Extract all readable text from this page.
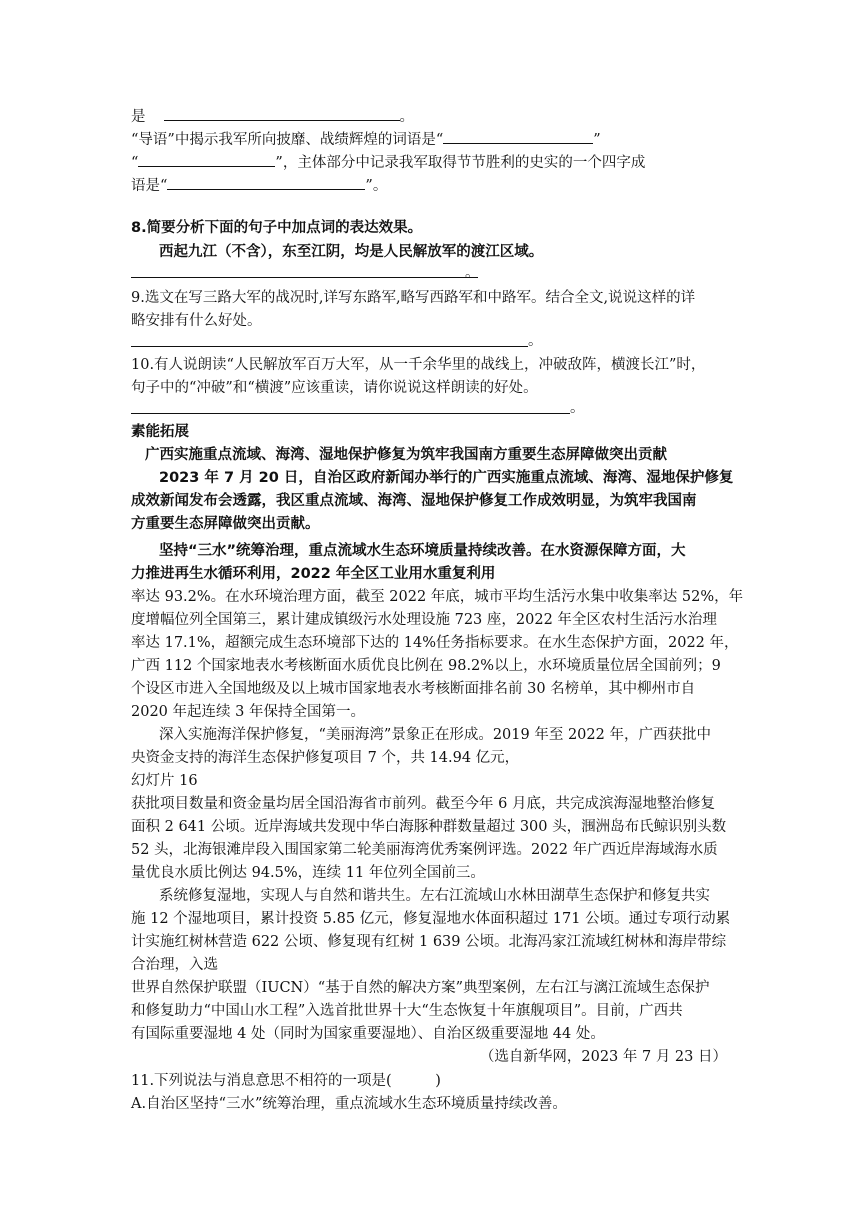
是	。
“导语”中揭示我军所向披靡、战绩辉煌的词语是“	”
“	”，主体部分中记录我军取得节节胜利的史实的一个四字成
语是“	”。
8.简要分析下面的句子中加点词的表达效果。
西起九江（不含），东至江阴，均是人民解放军的渡江区域。
。
9.选文在写三路大军的战况时,详写东路军,略写西路军和中路军。结合全文,说说这样的详
略安排有什么好处。
。
10.有人说朗读“人民解放军百万大军，从一千余华里的战线上，冲破敌阵，横渡长江”时，
句子中的“冲破”和“横渡”应该重读，请你说说这样朗读的好处。
。
素能拓展
广西实施重点流域、海湾、湿地保护修复为筑牢我国南方重要生态屏障做突出贡献
2023 年 7 月 20 日，自治区政府新闻办举行的广西实施重点流域、海湾、湿地保护修复
成效新闻发布会透露，我区重点流域、海湾、湿地保护修复工作成效明显，为筑牢我国南
方重要生态屏障做突出贡献。
坚持“三水”统筹治理，重点流域水生态环境质量持续改善。在水资源保障方面，大
力推进再生水循环利用，2022 年全区工业用水重复利用
率达 93.2%。在水环境治理方面，截至 2022 年底，城市平均生活污水集中收集率达 52%，年
度增幅位列全国第三，累计建成镇级污水处理设施 723 座，2022 年全区农村生活污水治理
率达 17.1%，超额完成生态环境部下达的 14%任务指标要求。在水生态保护方面，2022 年，
广西 112 个国家地表水考核断面水质优良比例在 98.2%以上，水环境质量位居全国前列；9
个设区市进入全国地级及以上城市国家地表水考核断面排名前 30 名榜单，其中柳州市自
2020 年起连续 3 年保持全国第一。
深入实施海洋保护修复，“美丽海湾”景象正在形成。2019 年至 2022 年，广西获批中
央资金支持的海洋生态保护修复项目 7 个，共 14.94 亿元，
幻灯片 16
获批项目数量和资金量均居全国沿海省市前列。截至今年 6 月底，共完成滨海湿地整治修复
面积 2 641 公顷。近岸海域共发现中华白海豚种群数量超过 300 头，涠洲岛布氏鲸识别头数
52 头，北海银滩岸段入围国家第二轮美丽海湾优秀案例评选。2022 年广西近岸海域海水质
量优良水质比例达 94.5%，连续 11 年位列全国前三。
系统修复湿地，实现人与自然和谐共生。左右江流域山水林田湖草生态保护和修复共实
施 12 个湿地项目，累计投资 5.85 亿元，修复湿地水体面积超过 171 公顷。通过专项行动累
计实施红树林营造 622 公顷、修复现有红树 1 639 公顷。北海冯家江流域红树林和海岸带综
合治理，入选
世界自然保护联盟（IUCN）“基于自然的解决方案”典型案例，左右江与漓江流域生态保护
和修复助力“中国山水工程”入选首批世界十大“生态恢复十年旗舰项目”。目前，广西共
有国际重要湿地 4 处（同时为国家重要湿地）、自治区级重要湿地 44 处。
（选自新华网，2023 年 7 月 23 日）
11.下列说法与消息意思不相符的一项是(　　　)
A.自治区坚持“三水”统筹治理，重点流域水生态环境质量持续改善。
